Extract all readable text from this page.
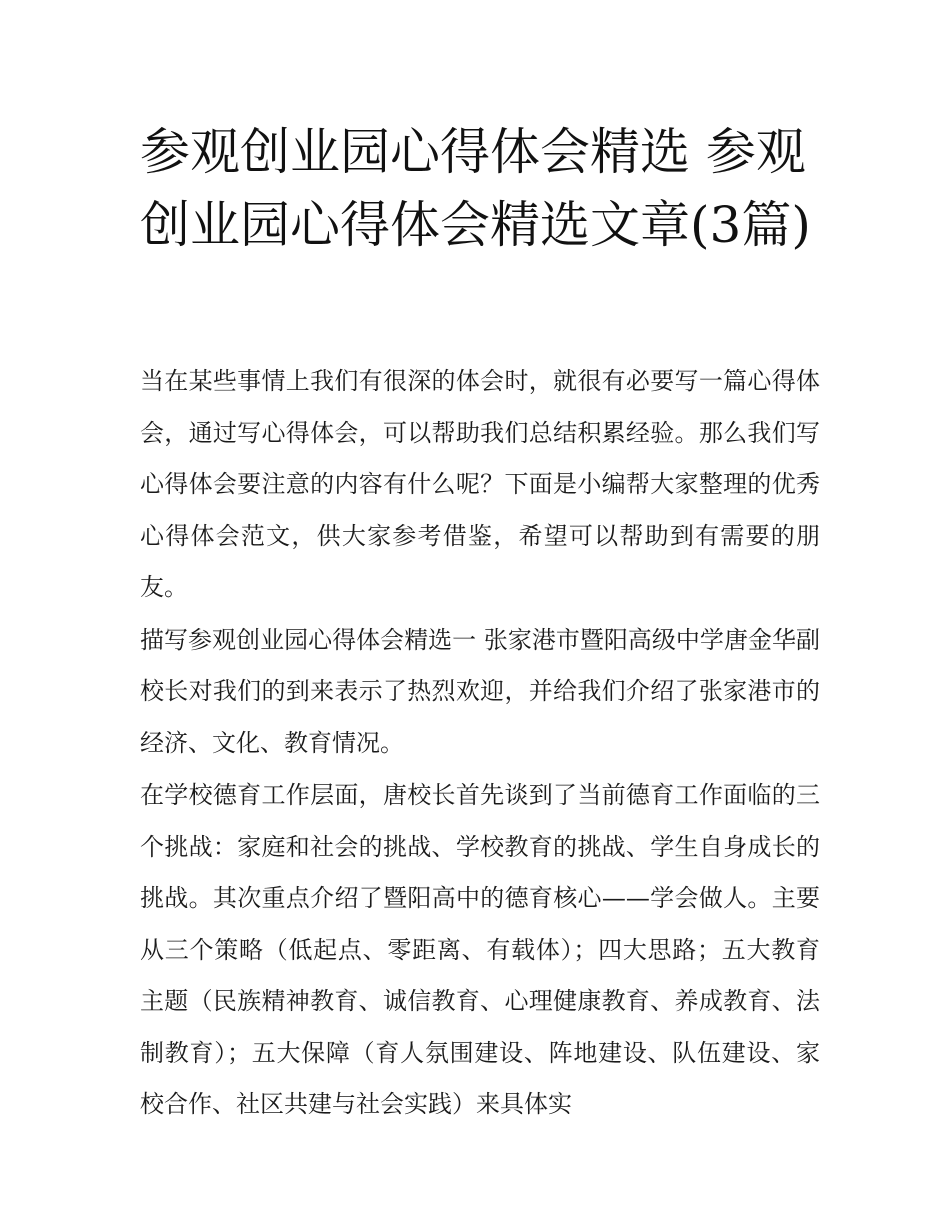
参观创业园心得体会精选 参观创业园心得体会精选文章(3篇)

当在某些事情上我们有很深的体会时，就很有必要写一篇心得体会，通过写心得体会，可以帮助我们总结积累经验。那么我们写心得体会要注意的内容有什么呢？下面是小编帮大家整理的优秀心得体会范文，供大家参考借鉴，希望可以帮助到有需要的朋友。

描写参观创业园心得体会精选一 张家港市暨阳高级中学唐金华副校长对我们的到来表示了热烈欢迎，并给我们介绍了张家港市的经济、文化、教育情况。

在学校德育工作层面，唐校长首先谈到了当前德育工作面临的三个挑战：家庭和社会的挑战、学校教育的挑战、学生自身成长的挑战。其次重点介绍了暨阳高中的德育核心——学会做人。主要从三个策略（低起点、零距离、有载体）；四大思路；五大教育主题（民族精神教育、诚信教育、心理健康教育、养成教育、法制教育）；五大保障（育人氛围建设、阵地建设、队伍建设、家校合作、社区共建与社会实践）来具体实
